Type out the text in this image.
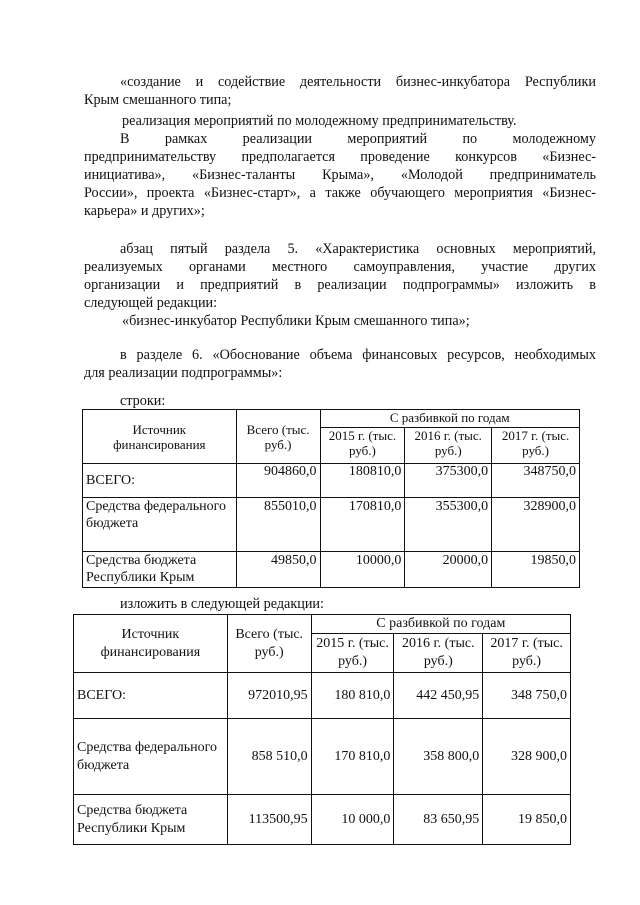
«создание и содействие деятельности бизнес-инкубатора Республики
Крым смешанного типа;
реализация мероприятий по молодежному предпринимательству.
В рамках реализации мероприятий по молодежному
предпринимательству предполагается проведение конкурсов «Бизнес-
инициатива», «Бизнес-таланты Крыма», «Молодой предприниматель
России», проекта «Бизнес-старт», а также обучающего мероприятия «Бизнес-
карьера» и других»;
абзац пятый раздела 5. «Характеристика основных мероприятий,
реализуемых органами местного самоуправления, участие других
организации и предприятий в реализации подпрограммы» изложить в
следующей редакции:
«бизнес-инкубатор Республики Крым смешанного типа»;
в разделе 6. «Обоснование объема финансовых ресурсов, необходимых
для реализации подпрограммы»:
строки:
Источник финансирования	Всего (тыс. руб.)	С разбивкой по годам		
		2015 г. (тыс. руб.)	2016 г. (тыс. руб.)	2017 г. (тыс. руб.)
ВСЕГО:	904860,0	180810,0	375300,0	348750,0
Средства федерального бюджета	855010,0	170810,0	355300,0	328900,0
Средства бюджета Республики Крым	49850,0	10000,0	20000,0	19850,0
изложить в следующей редакции:
Источник финансирования	Всего (тыс. руб.)	С разбивкой по годам		
		2015 г. (тыс. руб.)	2016 г. (тыс. руб.)	2017 г. (тыс. руб.)
ВСЕГО:	972010,95	180 810,0	442 450,95	348 750,0
Средства федерального бюджета	858 510,0	170 810,0	358 800,0	328 900,0
Средства бюджета Республики Крым	113500,95	10 000,0	83 650,95	19 850,0
